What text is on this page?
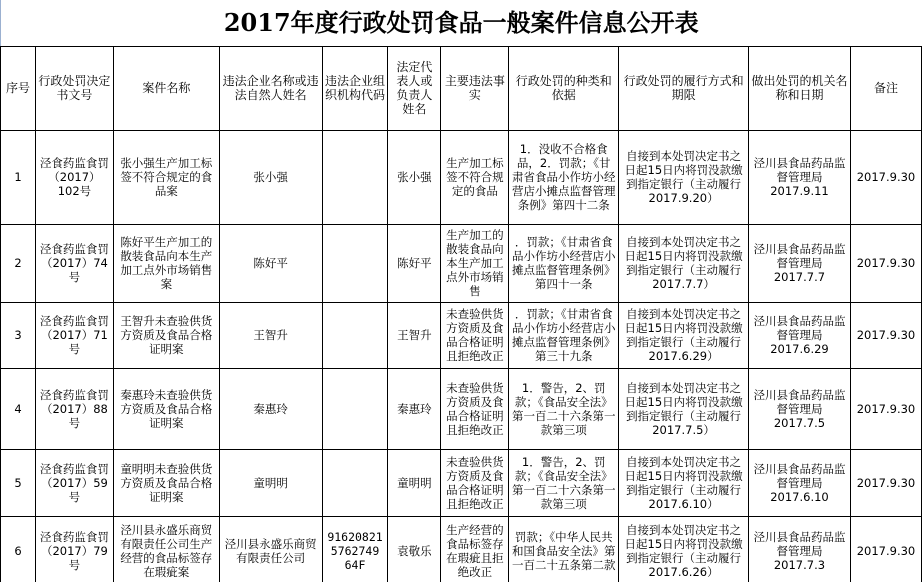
2017年度行政处罚食品一般案件信息公开表										
序号	行政处罚决定书文号	案件名称	违法企业名称或违法自然人姓名	违法企业组织机构代码	法定代表人或负责人姓名	主要违法事实	行政处罚的种类和依据	行政处罚的履行方式和期限	做出处罚的机关名称和日期	备注
1	泾食药监食罚（2017）102号	张小强生产加工标签不符合规定的食品案	张小强		张小强	生产加工标签不符合规定的食品	1．没收不合格食品，2．罚款；《甘肃省食品小作坊小经营店小摊点监督管理条例》第四十二条	自接到本处罚决定书之日起15日内将罚没款缴到指定银行（主动履行2017.9.20）	泾川县食品药品监督管理局 2017.9.11	2017.9.30
2	泾食药监食罚（2017）74号	陈好平生产加工的散装食品向本生产加工点外市场销售案	陈好平		陈好平	生产加工的散装食品向本生产加工点外市场销售	．罚款；《甘肃省食品小作坊小经营店小摊点监督管理条例》第四十一条	自接到本处罚决定书之日起15日内将罚没款缴到指定银行（主动履行2017.7.7）	泾川县食品药品监督管理局 2017.7.7	2017.9.30
3	泾食药监食罚（2017）71号	王智升未查验供货方资质及食品合格证明案	王智升		王智升	未查验供货方资质及食品合格证明且拒绝改正	．罚款；《甘肃省食品小作坊小经营店小摊点监督管理条例》第三十九条	自接到本处罚决定书之日起15日内将罚没款缴到指定银行（主动履行2017.6.29）	泾川县食品药品监督管理局 2017.6.29	2017.9.30
4	泾食药监食罚（2017）88号	秦惠玲未查验供货方资质及食品合格证明案	秦惠玲		秦惠玲	未查验供货方资质及食品合格证明且拒绝改正	1．警告，2、罚款；《食品安全法》第一百二十六条第一款第三项	自接到本处罚决定书之日起15日内将罚没款缴到指定银行（主动履行2017.7.5）	泾川县食品药品监督管理局 2017.7.5	2017.9.30
5	泾食药监食罚（2017）59号	童明明未查验供货方资质及食品合格证明案	童明明		童明明	未查验供货方资质及食品合格证明且拒绝改正	1．警告，2、罚款；《食品安全法》第一百二十六条第一款第三项	自接到本处罚决定书之日起15日内将罚没款缴到指定银行（主动履行2017.6.10）	泾川县食品药品监督管理局 2017.6.10	2017.9.30
6	泾食药监食罚（2017）79号	泾川县永盛乐商贸有限责任公司生产经营的食品标签存在瑕疵案	泾川县永盛乐商贸有限责任公司	916208215762749 64F	袁敬乐	生产经营的食品标签存在瑕疵且拒绝改正	罚款；《中华人民共和国食品安全法》第一百二十五条第二款	自接到本处罚决定书之日起15日内将罚没款缴到指定银行（主动履行2017.6.26）	泾川县食品药品监督管理局 2017.7.3	2017.9.30
